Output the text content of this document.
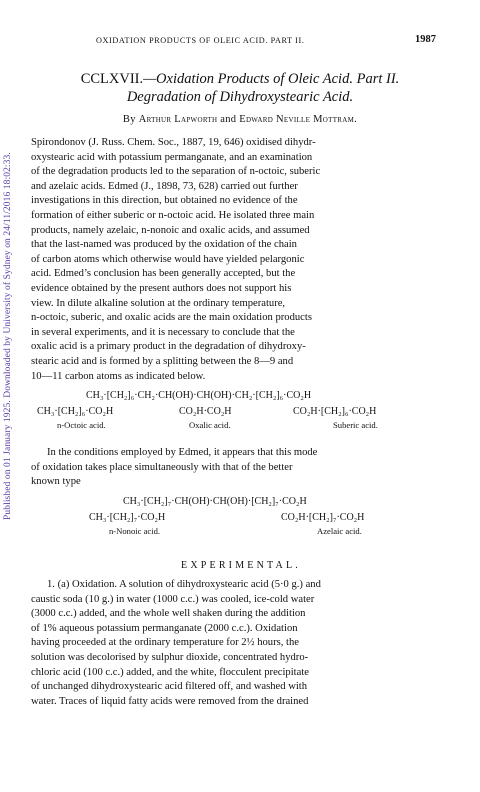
Published on 01 January 1925. Downloaded by University of Sydney on 24/11/2016 18:02:33.
OXIDATION PRODUCTS OF OLEIC ACID. PART II.	1987
CCLXVII.—Oxidation Products of Oleic Acid. Part II.
Degradation of Dihydroxystearic Acid.
By Arthur Lapworth and Edward Neville Mottram.
Spirondonov (J. Russ. Chem. Soc., 1887, 19, 646) oxidised dihydr-
oxystearic acid with potassium permanganate, and an examination
of the degradation products led to the separation of n-octoic, suberic
and azelaic acids. Edmed (J., 1898, 73, 628) carried out further
investigations in this direction, but obtained no evidence of the
formation of either suberic or n-octoic acid. He isolated three main
products, namely azelaic, n-nonoic and oxalic acids, and assumed
that the last-named was produced by the oxidation of the chain
of carbon atoms which otherwise would have yielded pelargonic
acid. Edmed’s conclusion has been generally accepted, but the
evidence obtained by the present authors does not support his
view. In dilute alkaline solution at the ordinary temperature,
n-octoic, suberic, and oxalic acids are the main oxidation products
in several experiments, and it is necessary to conclude that the
oxalic acid is a primary product in the degradation of dihydroxy-
stearic acid and is formed by a splitting between the 8—9 and
10—11 carbon atoms as indicated below.
CH₃·[CH₂]₆·CH₂·CH(OH)·CH(OH)·CH₂·[CH₂]₆·CO₂H
CH₃·[CH₂]₆·CO₂H	CO₂H·CO₂H	CO₂H·[CH₂]₆·CO₂H
n-Octoic acid.	Oxalic acid.	Suberic acid.
In the conditions employed by Edmed, it appears that this mode
of oxidation takes place simultaneously with that of the better
known type
CH₃·[CH₂]₇·CH(OH)·CH(OH)·[CH₂]₇·CO₂H
CH₃·[CH₂]₇·CO₂H	CO₂H·[CH₂]₇·CO₂H
n-Nonoic acid.	Azelaic acid.
EXPERIMENTAL.
1. (a) Oxidation. A solution of dihydroxystearic acid (5·0 g.) and
caustic soda (10 g.) in water (1000 c.c.) was cooled, ice-cold water
(3000 c.c.) added, and the whole well shaken during the addition
of 1% aqueous potassium permanganate (2000 c.c.). Oxidation
having proceeded at the ordinary temperature for 2½ hours, the
solution was decolorised by sulphur dioxide, concentrated hydro-
chloric acid (100 c.c.) added, and the white, flocculent precipitate
of unchanged dihydroxystearic acid filtered off, and washed with
water. Traces of liquid fatty acids were removed from the drained
